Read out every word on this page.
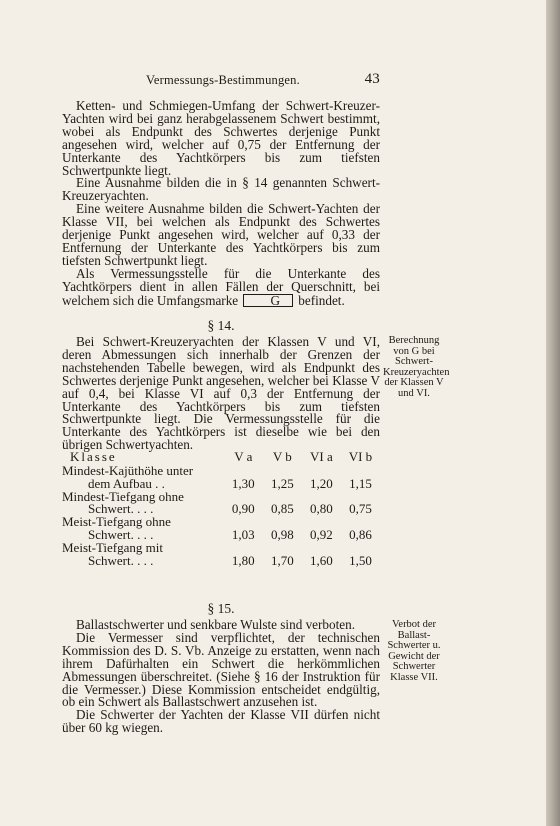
Vermessungs-Bestimmungen.	43

Ketten- und Schmiegen-Umfang der Schwert-Kreuzer-Yachten wird bei ganz herabgelassenem Schwert bestimmt, wobei als Endpunkt des Schwertes derjenige Punkt angesehen wird, welcher auf 0,75 der Entfernung der Unterkante des Yachtkörpers bis zum tiefsten Schwertpunkte liegt.

Eine Ausnahme bilden die in § 14 genannten Schwert-Kreuzeryachten.

Eine weitere Ausnahme bilden die Schwert-Yachten der Klasse VII, bei welchen als Endpunkt des Schwertes derjenige Punkt angesehen wird, welcher auf 0,33 der Entfernung der Unterkante des Yachtkörpers bis zum tiefsten Schwertpunkt liegt.

Als Vermessungsstelle für die Unterkante des Yachtkörpers dient in allen Fällen der Querschnitt, bei welchem sich die Umfangsmarke G befindet.

§ 14.

Bei Schwert-Kreuzeryachten der Klassen V und VI, deren Abmessungen sich innerhalb der Grenzen der nachstehenden Tabelle bewegen, wird als Endpunkt des Schwertes derjenige Punkt angesehen, welcher bei Klasse V auf 0,4, bei Klasse VI auf 0,3 der Entfernung der Unterkante des Yachtkörpers bis zum tiefsten Schwertpunkte liegt. Die Vermessungsstelle für die Unterkante des Yachtkörpers ist dieselbe wie bei den übrigen Schwertyachten.

Berechnung von G bei Schwert-Kreuzeryachten der Klassen V und VI.
Klasse	V a	V b	VI a	VI b
Mindest-Kajüthöhe unter				
dem Aufbau . .	1,30	1,25	1,20	1,15
Mindest-Tiefgang ohne				
Schwert. . . .	0,90	0,85	0,80	0,75
Meist-Tiefgang ohne				
Schwert. . . .	1,03	0,98	0,92	0,86
Meist-Tiefgang mit				
Schwert. . . .	1,80	1,70	1,60	1,50
§ 15.

Ballastschwerter und senkbare Wulste sind verboten.

Die Vermesser sind verpflichtet, der technischen Kommission des D. S. Vb. Anzeige zu erstatten, wenn nach ihrem Dafürhalten ein Schwert die herkömmlichen Abmessungen überschreitet. (Siehe § 16 der Instruktion für die Vermesser.) Diese Kommission entscheidet endgültig, ob ein Schwert als Ballastschwert anzusehen ist.

Die Schwerter der Yachten der Klasse VII dürfen nicht über 60 kg wiegen.

Verbot der Ballast-Schwerter u. Gewicht der Schwerter Klasse VII.
